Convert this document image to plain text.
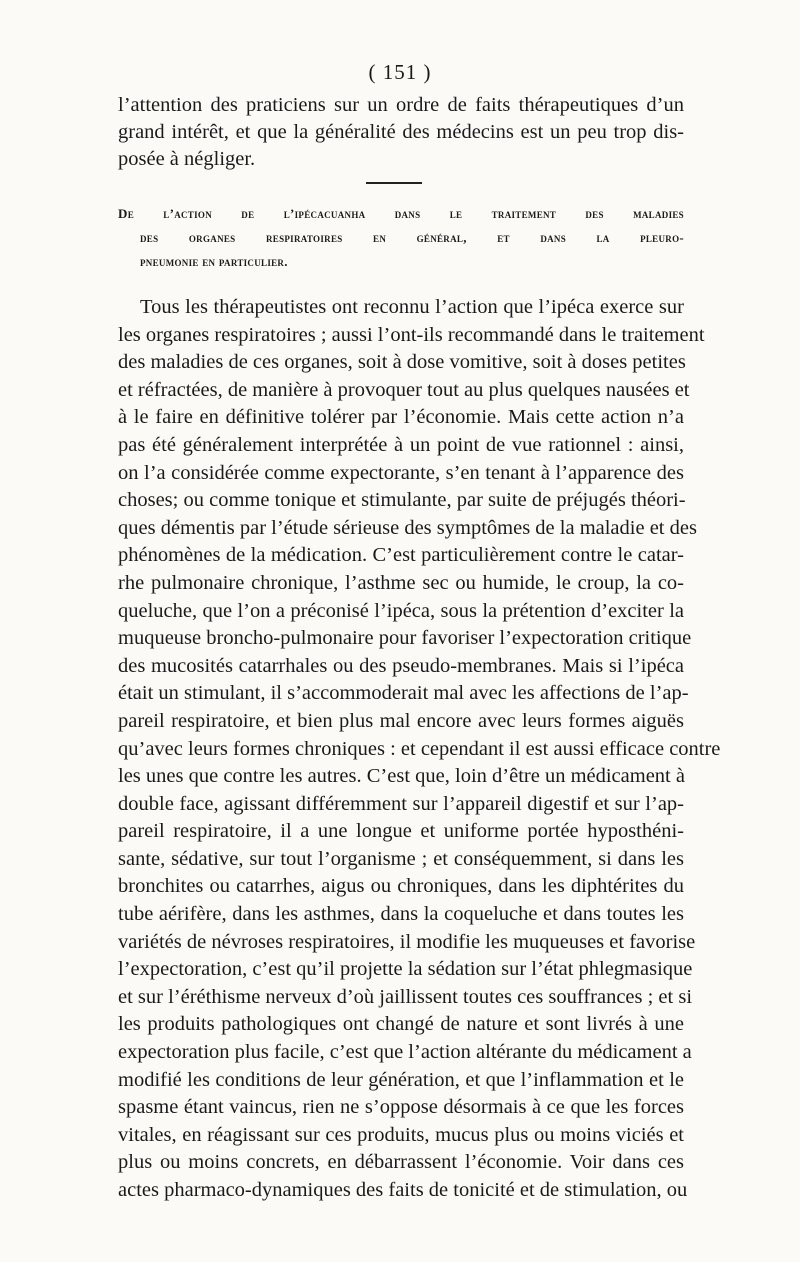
( 151 )
l’attention des praticiens sur un ordre de faits thérapeutiques d’un
grand intérêt, et que la généralité des médecins est un peu trop dis-
posée à négliger.
De l’action de l’ipécacuanha dans le traitement des maladies
des organes respiratoires en général, et dans la pleuro-
pneumonie en particulier.
Tous les thérapeutistes ont reconnu l’action que l’ipéca exerce sur
les organes respiratoires ; aussi l’ont-ils recommandé dans le traitement
des maladies de ces organes, soit à dose vomitive, soit à doses petites
et réfractées, de manière à provoquer tout au plus quelques nausées et
à le faire en définitive tolérer par l’économie. Mais cette action n’a
pas été généralement interprétée à un point de vue rationnel : ainsi,
on l’a considérée comme expectorante, s’en tenant à l’apparence des
choses; ou comme tonique et stimulante, par suite de préjugés théori-
ques démentis par l’étude sérieuse des symptômes de la maladie et des
phénomènes de la médication. C’est particulièrement contre le catar-
rhe pulmonaire chronique, l’asthme sec ou humide, le croup, la co-
queluche, que l’on a préconisé l’ipéca, sous la prétention d’exciter la
muqueuse broncho-pulmonaire pour favoriser l’expectoration critique
des mucosités catarrhales ou des pseudo-membranes. Mais si l’ipéca
était un stimulant, il s’accommoderait mal avec les affections de l’ap-
pareil respiratoire, et bien plus mal encore avec leurs formes aiguës
qu’avec leurs formes chroniques : et cependant il est aussi efficace contre
les unes que contre les autres. C’est que, loin d’être un médicament à
double face, agissant différemment sur l’appareil digestif et sur l’ap-
pareil respiratoire, il a une longue et uniforme portée hyposthéni-
sante, sédative, sur tout l’organisme ; et conséquemment, si dans les
bronchites ou catarrhes, aigus ou chroniques, dans les diphtérites du
tube aérifère, dans les asthmes, dans la coqueluche et dans toutes les
variétés de névroses respiratoires, il modifie les muqueuses et favorise
l’expectoration, c’est qu’il projette la sédation sur l’état phlegmasique
et sur l’éréthisme nerveux d’où jaillissent toutes ces souffrances ; et si
les produits pathologiques ont changé de nature et sont livrés à une
expectoration plus facile, c’est que l’action altérante du médicament a
modifié les conditions de leur génération, et que l’inflammation et le
spasme étant vaincus, rien ne s’oppose désormais à ce que les forces
vitales, en réagissant sur ces produits, mucus plus ou moins viciés et
plus ou moins concrets, en débarrassent l’économie. Voir dans ces
actes pharmaco-dynamiques des faits de tonicité et de stimulation, ou
